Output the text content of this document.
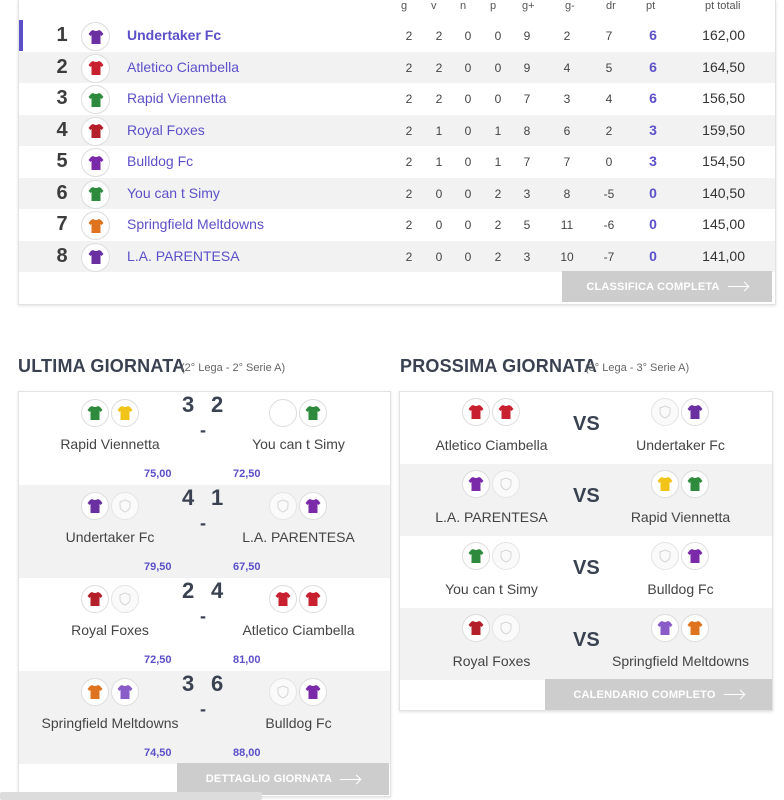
g v n p g+	g-	dr	pt	pt totali
1	Undertaker Fc	2	2	0	0	9	2	7	6	162,00
2	Atletico Ciambella	2	2	0	0	9	4	5	6	164,50
3	Rapid Viennetta	2	2	0	0	7	3	4	6	156,50
4	Royal Foxes	2	1	0	1	8	6	2	3	159,50
5	Bulldog Fc	2	1	0	1	7	7	0	3	154,50
6	You can t Simy	2	0	0	2	3	8	-5	0	140,50
7	Springfield Meltdowns	2	0	0	2	5	11	-6	0	145,00
8	L.A. PARENTESA	2	0	0	2	3	10	-7	0	141,00
CLASSIFICA COMPLETA
ULTIMA GIORNATA
(2° Lega - 2° Serie A)
Rapid Viennetta	You can t Simy
3 2
-
75,00	72,50
Undertaker Fc	L.A. PARENTESA
4 1
-
79,50	67,50
Royal Foxes	Atletico Ciambella
2 4
-
72,50	81,00
Springfield Meltdowns	Bulldog Fc
3 6
-
74,50	88,00
DETTAGLIO GIORNATA
PROSSIMA GIORNATA
(3° Lega - 3° Serie A)
Atletico Ciambella	Undertaker Fc
VS
L.A. PARENTESA	Rapid Viennetta
VS
You can t Simy	Bulldog Fc
VS
Royal Foxes	Springfield Meltdowns
VS
CALENDARIO COMPLETO
